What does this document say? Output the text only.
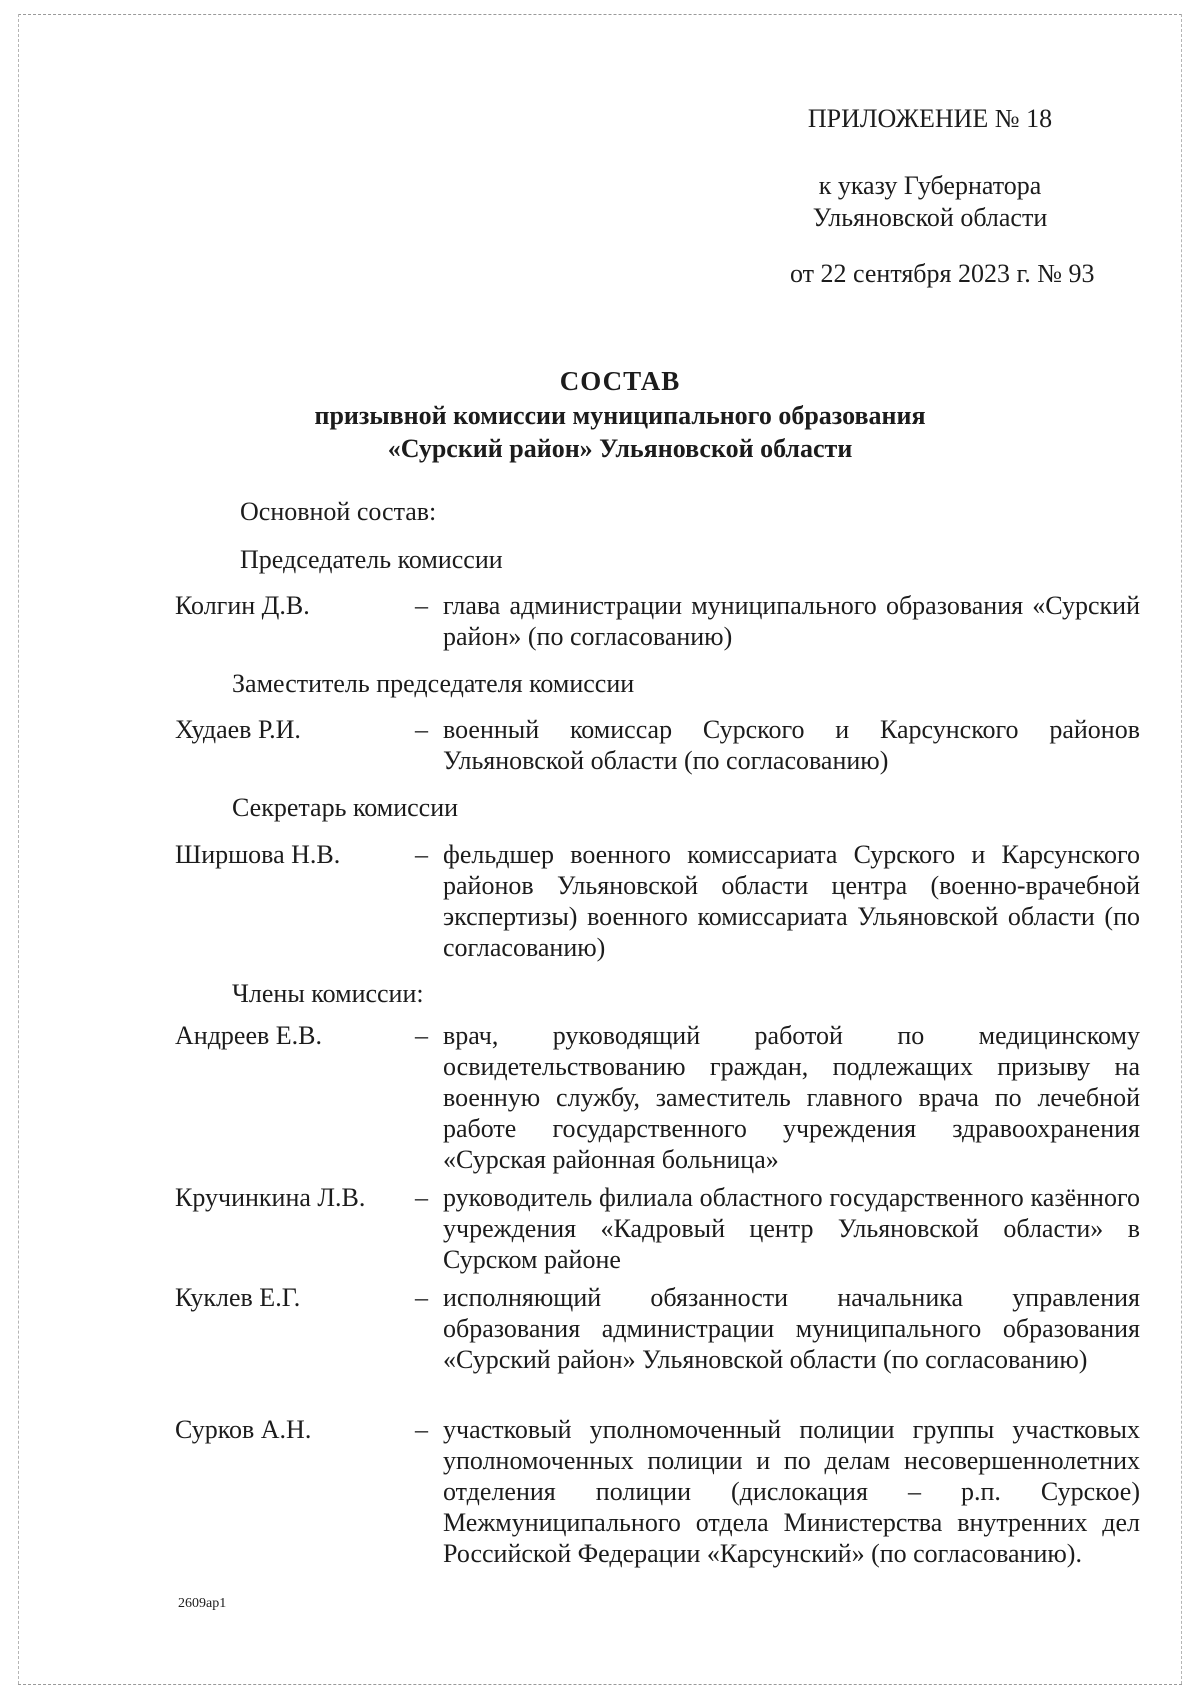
ПРИЛОЖЕНИЕ № 18
к указу Губернатора
Ульяновской области
от 22 сентября 2023 г. № 93
СОСТАВ
призывной комиссии муниципального образования
«Сурский район» Ульяновской области
Основной состав:
Председатель комиссии
Колгин Д.В.	– глава администрации муниципального образования «Сурский район» (по согласованию)
Заместитель председателя комиссии
Худаев Р.И.	– военный комиссар Сурского и Карсунского районов Ульяновской области (по согласованию)
Секретарь комиссии
Ширшова Н.В.	– фельдшер военного комиссариата Сурского и Карсунского районов Ульяновской области центра (военно-врачебной экспертизы) военного комиссариата Ульяновской области (по согласованию)
Члены комиссии:
Андреев Е.В.	– врач, руководящий работой по медицинскому освидетельствованию граждан, подлежащих призыву на военную службу, заместитель главного врача по лечебной работе государственного учреждения здравоохранения «Сурская районная больница»
Кручинкина Л.В. – руководитель филиала областного государственного казённого учреждения «Кадровый центр Ульяновской области» в Сурском районе
Куклев Е.Г.	– исполняющий обязанности начальника управления образования администрации муниципального образования «Сурский район» Ульяновской области (по согласованию)
Сурков А.Н.	– участковый уполномоченный полиции группы участковых уполномоченных полиции и по делам несовершеннолетних отделения полиции (дислокация – р.п. Сурское) Межмуниципального отдела Министерства внутренних дел Российской Федерации «Карсунский» (по согласованию).
2609ар1
